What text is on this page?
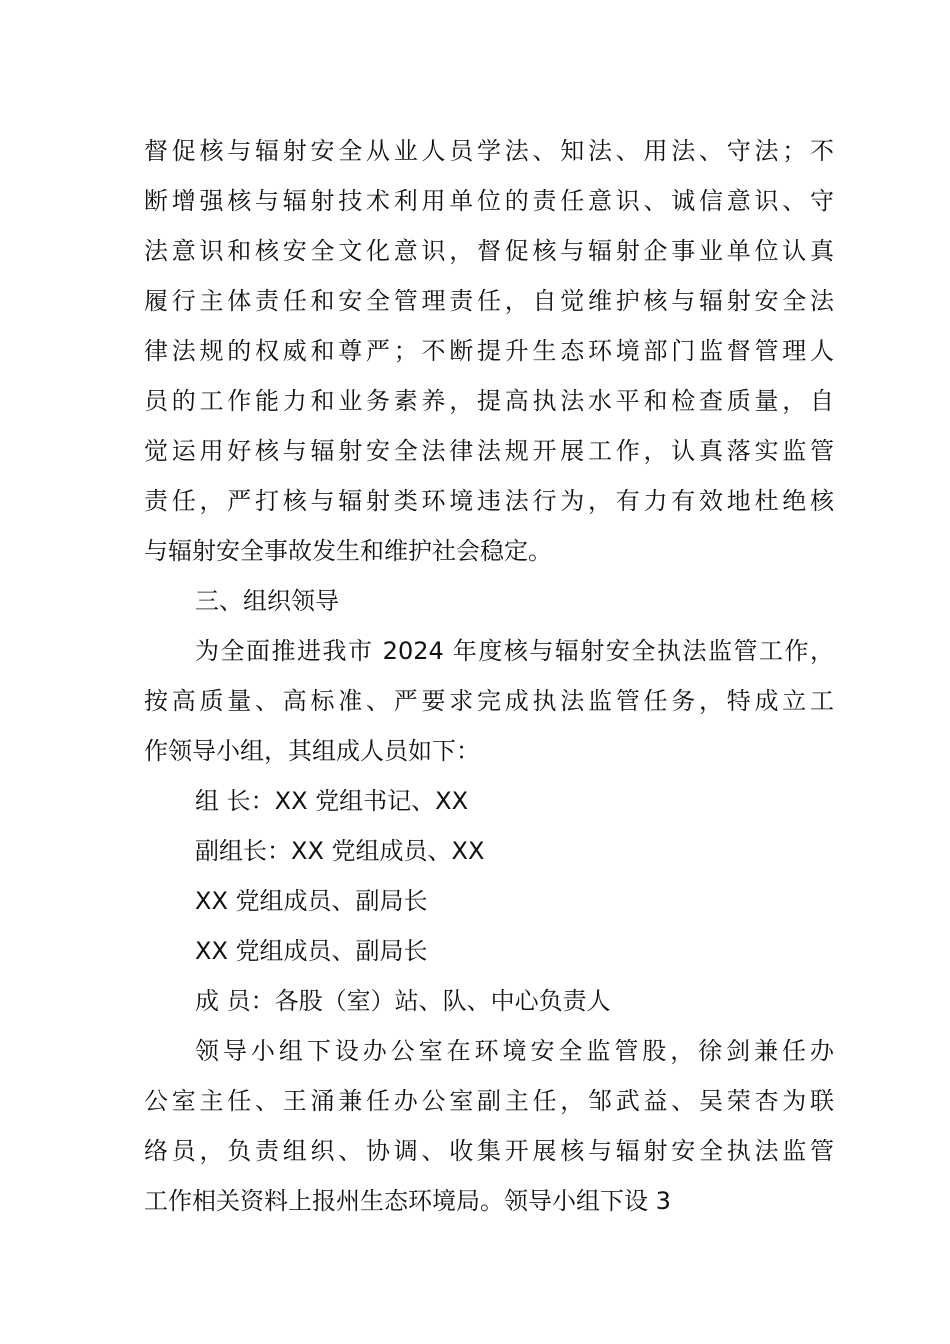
督促核与辐射安全从业人员学法、知法、用法、守法；不
断增强核与辐射技术利用单位的责任意识、诚信意识、守
法意识和核安全文化意识，督促核与辐射企事业单位认真
履行主体责任和安全管理责任，自觉维护核与辐射安全法
律法规的权威和尊严；不断提升生态环境部门监督管理人
员的工作能力和业务素养，提高执法水平和检查质量，自
觉运用好核与辐射安全法律法规开展工作，认真落实监管
责任，严打核与辐射类环境违法行为，有力有效地杜绝核
与辐射安全事故发生和维护社会稳定。
三、组织领导
为全面推进我市 2024 年度核与辐射安全执法监管工作，
按高质量、高标准、严要求完成执法监管任务，特成立工
作领导小组，其组成人员如下：
组 长：XX 党组书记、XX
副组长：XX 党组成员、XX
XX 党组成员、副局长
XX 党组成员、副局长
成 员：各股（室）站、队、中心负责人
领导小组下设办公室在环境安全监管股，徐剑兼任办
公室主任、王涌兼任办公室副主任，邹武益、吴荣杏为联
络员，负责组织、协调、收集开展核与辐射安全执法监管
工作相关资料上报州生态环境局。领导小组下设 3
